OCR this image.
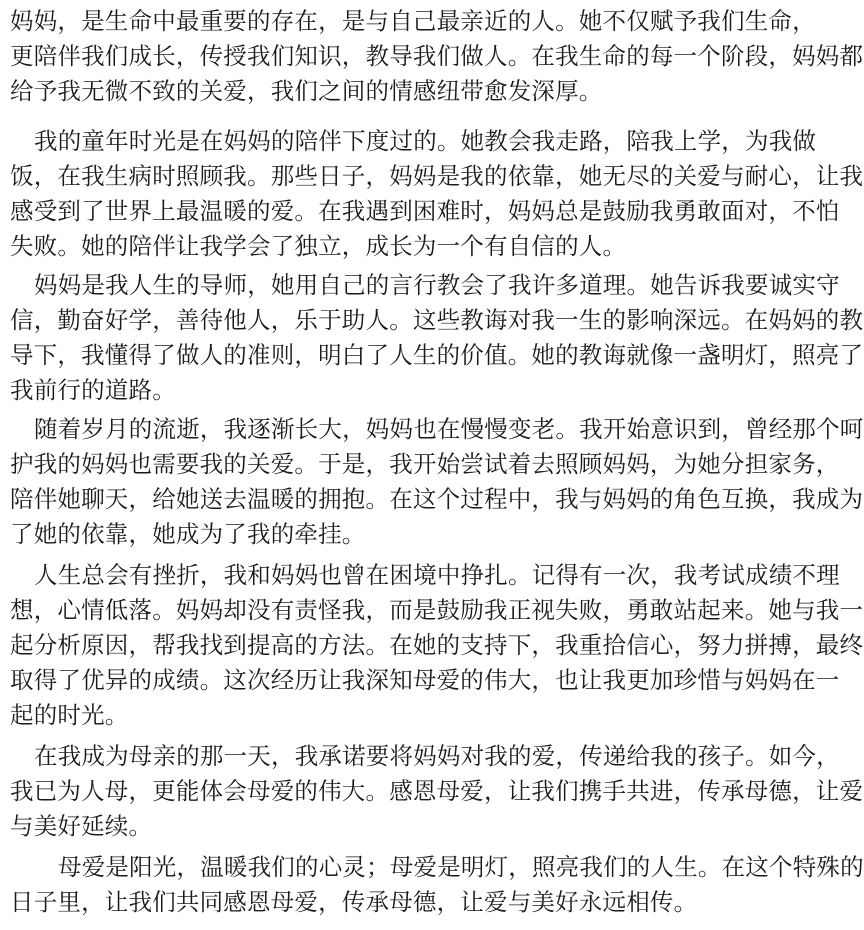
妈妈，是生命中最重要的存在，是与自己最亲近的人。她不仅赋予我们生命，
更陪伴我们成长，传授我们知识，教导我们做人。在我生命的每一个阶段，妈妈都
给予我无微不致的关爱，我们之间的情感纽带愈发深厚。
我的童年时光是在妈妈的陪伴下度过的。她教会我走路，陪我上学，为我做
饭，在我生病时照顾我。那些日子，妈妈是我的依靠，她无尽的关爱与耐心，让我
感受到了世界上最温暖的爱。在我遇到困难时，妈妈总是鼓励我勇敢面对，不怕
失败。她的陪伴让我学会了独立，成长为一个有自信的人。
妈妈是我人生的导师，她用自己的言行教会了我许多道理。她告诉我要诚实守
信，勤奋好学，善待他人，乐于助人。这些教诲对我一生的影响深远。在妈妈的教
导下，我懂得了做人的准则，明白了人生的价值。她的教诲就像一盏明灯，照亮了
我前行的道路。
随着岁月的流逝，我逐渐长大，妈妈也在慢慢变老。我开始意识到，曾经那个呵
护我的妈妈也需要我的关爱。于是，我开始尝试着去照顾妈妈，为她分担家务，
陪伴她聊天，给她送去温暖的拥抱。在这个过程中，我与妈妈的角色互换，我成为
了她的依靠，她成为了我的牵挂。
人生总会有挫折，我和妈妈也曾在困境中挣扎。记得有一次，我考试成绩不理
想，心情低落。妈妈却没有责怪我，而是鼓励我正视失败，勇敢站起来。她与我一
起分析原因，帮我找到提高的方法。在她的支持下，我重拾信心，努力拼搏，最终
取得了优异的成绩。这次经历让我深知母爱的伟大，也让我更加珍惜与妈妈在一
起的时光。
在我成为母亲的那一天，我承诺要将妈妈对我的爱，传递给我的孩子。如今，
我已为人母，更能体会母爱的伟大。感恩母爱，让我们携手共进，传承母德，让爱
与美好延续。
母爱是阳光，温暖我们的心灵；母爱是明灯，照亮我们的人生。在这个特殊的
日子里，让我们共同感恩母爱，传承母德，让爱与美好永远相传。
